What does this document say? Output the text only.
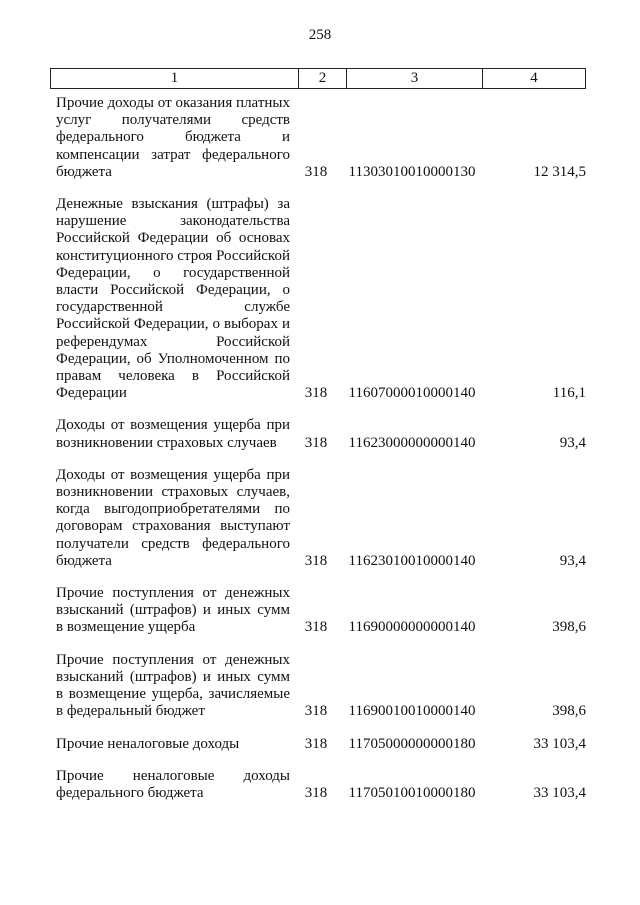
258
1	2	3	4
Прочие доходы от оказания платных услуг получателями средств федерального бюджета и компенсации затрат федерального бюджета	318	11303010010000130	12 314,5
Денежные взыскания (штрафы) за нарушение законодательства Российской Федерации об основах конституционного строя Российской Федерации, о государственной власти Российской Федерации, о государственной службе Российской Федерации, о выборах и референдумах Российской Федерации, об Уполномоченном по правам человека в Российской Федерации	318	11607000010000140	116,1
Доходы от возмещения ущерба при возникновении страховых случаев	318	11623000000000140	93,4
Доходы от возмещения ущерба при возникновении страховых случаев, когда выгодоприобретателями по договорам страхования выступают получатели средств федерального бюджета	318	11623010010000140	93,4
Прочие поступления от денежных взысканий (штрафов) и иных сумм в возмещение ущерба	318	11690000000000140	398,6
Прочие поступления от денежных взысканий (штрафов) и иных сумм в возмещение ущерба, зачисляемые в федеральный бюджет	318	11690010010000140	398,6
Прочие неналоговые доходы	318	11705000000000180	33 103,4
Прочие неналоговые доходы федерального бюджета	318	11705010010000180	33 103,4
